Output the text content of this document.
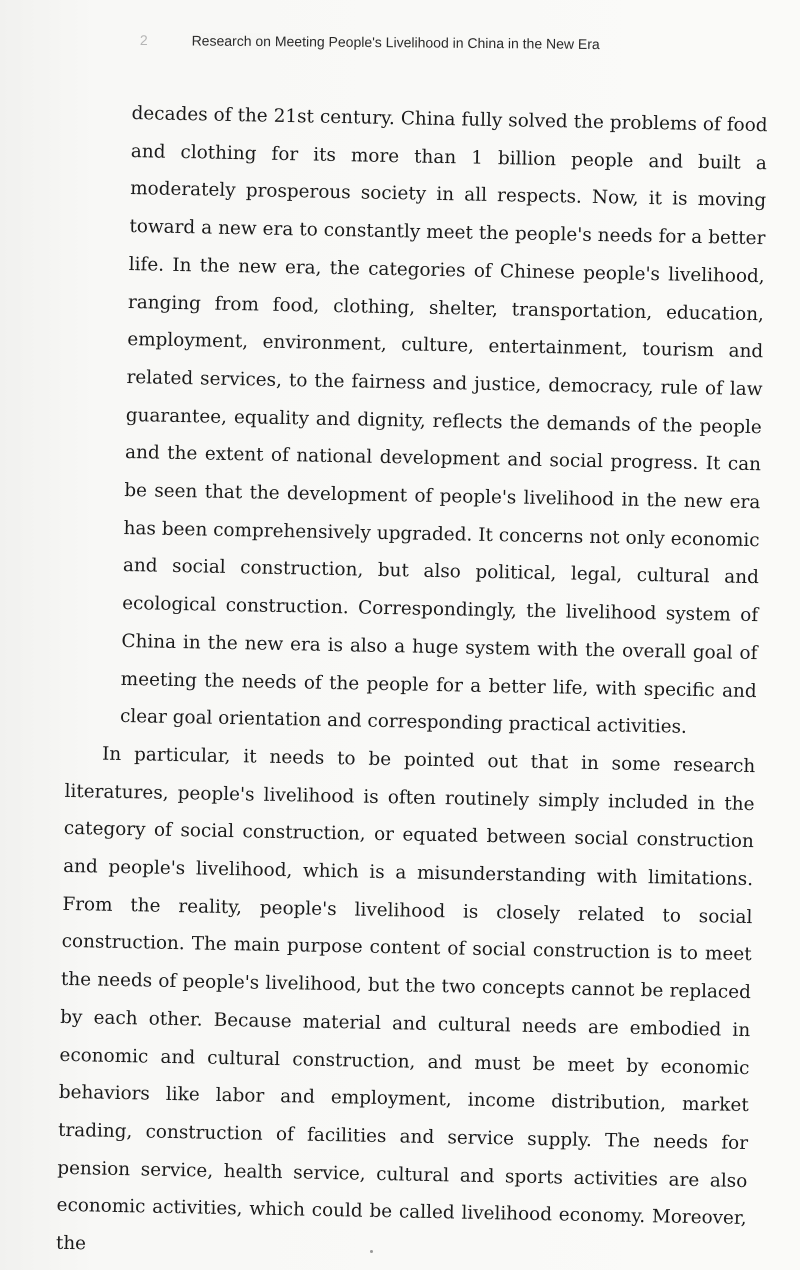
2	Research on Meeting People's Livelihood in China in the New Era

decades of the 21st century. China fully solved the problems of food and clothing for its more than 1 billion people and built a moderately prosperous society in all respects. Now, it is moving toward a new era to constantly meet the people's needs for a better life. In the new era, the categories of Chinese people's livelihood, ranging from food, clothing, shelter, transportation, education, employment, environment, culture, entertainment, tourism and related services, to the fairness and justice, democracy, rule of law guarantee, equality and dignity, reflects the demands of the people and the extent of national development and social progress. It can be seen that the development of people's livelihood in the new era has been comprehensively upgraded. It concerns not only economic and social construction, but also political, legal, cultural and ecological construction. Correspondingly, the livelihood system of China in the new era is also a huge system with the overall goal of meeting the needs of the people for a better life, with specific and clear goal orientation and corresponding practical activities.

In particular, it needs to be pointed out that in some research literatures, people's livelihood is often routinely simply included in the category of social construction, or equated between social construction and people's livelihood, which is a misunderstanding with limitations. From the reality, people's livelihood is closely related to social construction. The main purpose content of social construction is to meet the needs of people's livelihood, but the two concepts cannot be replaced by each other. Because material and cultural needs are embodied in economic and cultural construction, and must be meet by economic behaviors like labor and employment, income distribution, market trading, construction of facilities and service supply. The needs for pension service, health service, cultural and sports activities are also economic activities, which could be called livelihood economy. Moreover, the
